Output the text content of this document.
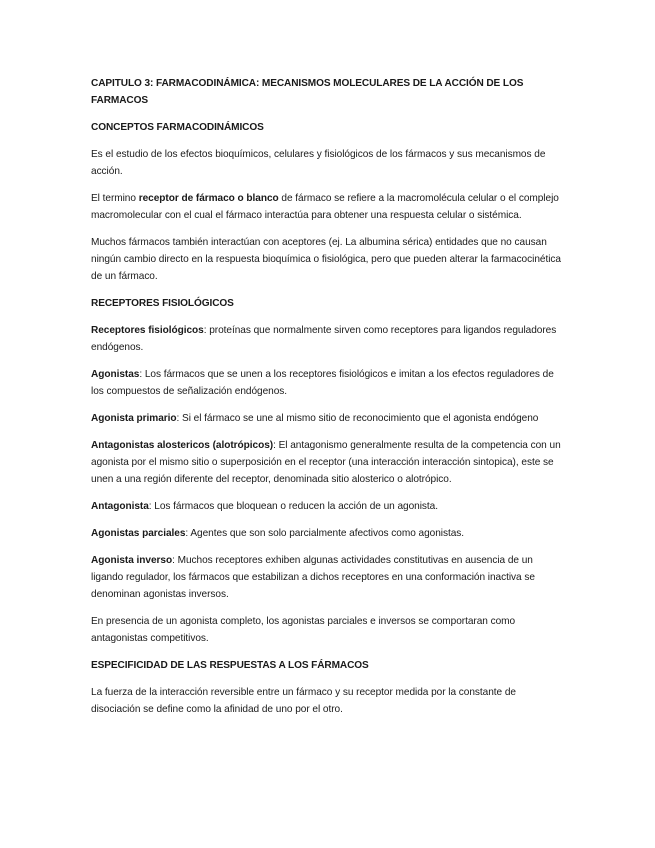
CAPITULO 3: FARMACODINÁMICA: MECANISMOS MOLECULARES DE LA ACCIÓN DE LOS FARMACOS
CONCEPTOS FARMACODINÁMICOS

Es el estudio de los efectos bioquímicos, celulares y fisiológicos de los fármacos y sus mecanismos de acción.

El termino receptor de fármaco o blanco de fármaco se refiere a la macromolécula celular o el complejo macromolecular con el cual el fármaco interactúa para obtener una respuesta celular o sistémica.

Muchos fármacos también interactúan con aceptores (ej. La albumina sérica) entidades que no causan ningún cambio directo en la respuesta bioquímica o fisiológica, pero que pueden alterar la farmacocinética de un fármaco.

RECEPTORES FISIOLÓGICOS

Receptores fisiológicos: proteínas que normalmente sirven como receptores para ligandos reguladores endógenos.

Agonistas: Los fármacos que se unen a los receptores fisiológicos e imitan a los efectos reguladores de los compuestos de señalización endógenos.

Agonista primario: Si el fármaco se une al mismo sitio de reconocimiento que el agonista endógeno

Antagonistas alostericos (alotrópicos): El antagonismo generalmente resulta de la competencia con un agonista por el mismo sitio o superposición en el receptor (una interacción interacción sintopica), este se unen a una región diferente del receptor, denominada sitio alosterico o alotrópico.

Antagonista: Los fármacos que bloquean o reducen la acción de un agonista.

Agonistas parciales: Agentes que son solo parcialmente afectivos como agonistas.

Agonista inverso: Muchos receptores exhiben algunas actividades constitutivas en ausencia de un ligando regulador, los fármacos que estabilizan a dichos receptores en una conformación inactiva se denominan agonistas inversos.

En presencia de un agonista completo, los agonistas parciales e inversos se comportaran como antagonistas competitivos.

ESPECIFICIDAD DE LAS RESPUESTAS A LOS FÁRMACOS

La fuerza de la interacción reversible entre un fármaco y su receptor medida por la constante de disociación se define como la afinidad de uno por el otro.
